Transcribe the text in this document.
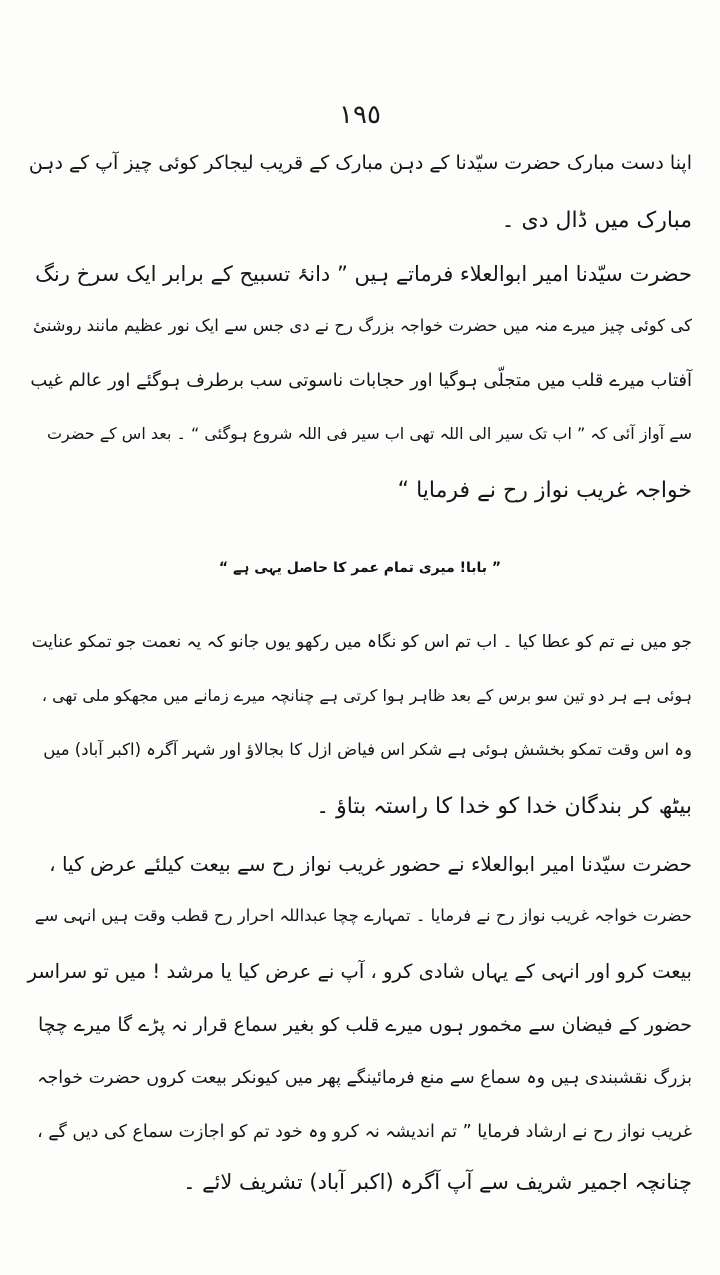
١٩٥
اپنا دست مبارک حضرت سیّدنا کے دہن مبارک کے قریب لیجاکر کوئی چیز آپ کے دہن
مبارک میں ڈال دی ۔
حضرت سیّدنا امیر ابوالعلاء فرماتے ہیں ” دانۂ تسبیح کے برابر ایک سرخ رنگ
کی کوئی چیز میرے منہ میں حضرت خواجہ بزرگ رح نے دی جس سے ایک نور عظیم مانند روشنیٔ
آفتاب میرے قلب میں متجلّی ہوگیا اور حجابات ناسوتی سب برطرف ہوگئے اور عالم غیب
سے آواز آئی کہ ” اب تک سیر الی اللہ تھی اب سیر فی اللہ شروع ہوگئی “ ۔ بعد اس کے حضرت
خواجہ غریب نواز رح نے فرمایا “
” بابا! میری تمام عمر کا حاصل یہی ہے “
جو میں نے تم کو عطا کیا ۔ اب تم اس کو نگاہ میں رکھو یوں جانو کہ یہ نعمت جو تمکو عنایت
ہوئی ہے ہر دو تین سو برس کے بعد ظاہر ہوا کرتی ہے چنانچہ میرے زمانے میں مجھکو ملی تھی ،
وہ اس وقت تمکو بخشش ہوئی ہے شکر اس فیاض ازل کا بجالاؤ اور شہر آگرہ (اکبر آباد) میں
بیٹھ کر بندگان خدا کو خدا کا راستہ بتاؤ ۔
حضرت سیّدنا امیر ابوالعلاء نے حضور غریب نواز رح سے بیعت کیلئے عرض کیا ،
حضرت خواجہ غریب نواز رح نے فرمایا ۔ تمہارے چچا عبداللہ احرار رح قطب وقت ہیں انہی سے
بیعت کرو اور انہی کے یہاں شادی کرو ، آپ نے عرض کیا یا مرشد ! میں تو سراسر
حضور کے فیضان سے مخمور ہوں میرے قلب کو بغیر سماع قرار نہ پڑے گا میرے چچا
بزرگ نقشبندی ہیں وہ سماع سے منع فرمائینگے پھر میں کیونکر بیعت کروں حضرت خواجہ
غریب نواز رح نے ارشاد فرمایا ” تم اندیشہ نہ کرو وہ خود تم کو اجازت سماع کی دیں گے ،
چنانچہ اجمیر شریف سے آپ آگرہ (اکبر آباد) تشریف لائے ۔
